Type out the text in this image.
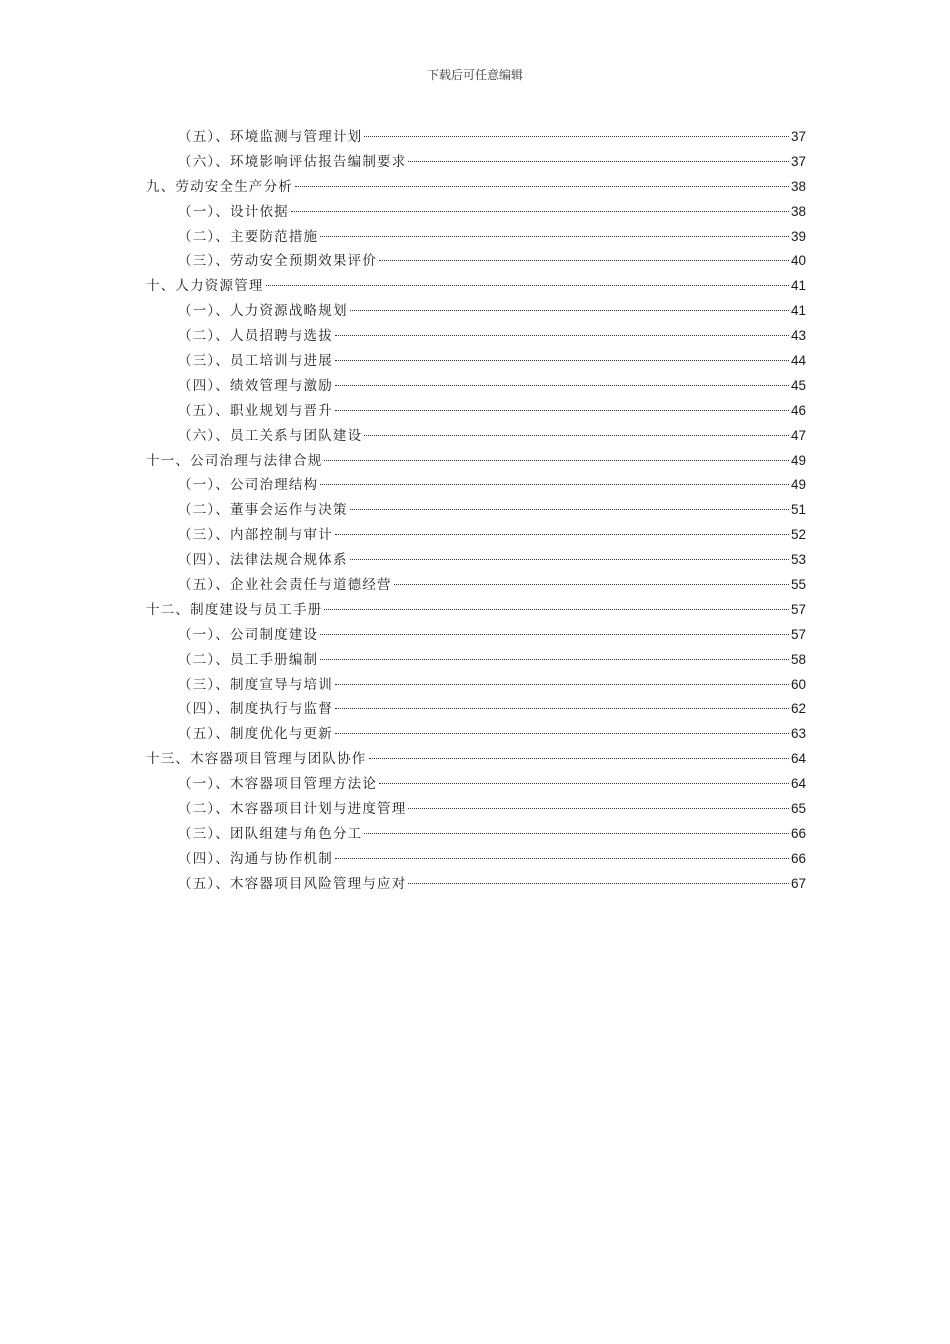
下载后可任意编辑
（五）、环境监测与管理计划	37
（六）、环境影响评估报告编制要求	37
九、劳动安全生产分析	38
（一）、设计依据	38
（二）、主要防范措施	39
（三）、劳动安全预期效果评价	40
十、人力资源管理	41
（一）、人力资源战略规划	41
（二）、人员招聘与选拔	43
（三）、员工培训与进展	44
（四）、绩效管理与激励	45
（五）、职业规划与晋升	46
（六）、员工关系与团队建设	47
十一、公司治理与法律合规	49
（一）、公司治理结构	49
（二）、董事会运作与决策	51
（三）、内部控制与审计	52
（四）、法律法规合规体系	53
（五）、企业社会责任与道德经营	55
十二、制度建设与员工手册	57
（一）、公司制度建设	57
（二）、员工手册编制	58
（三）、制度宣导与培训	60
（四）、制度执行与监督	62
（五）、制度优化与更新	63
十三、木容器项目管理与团队协作	64
（一）、木容器项目管理方法论	64
（二）、木容器项目计划与进度管理	65
（三）、团队组建与角色分工	66
（四）、沟通与协作机制	66
（五）、木容器项目风险管理与应对	67
